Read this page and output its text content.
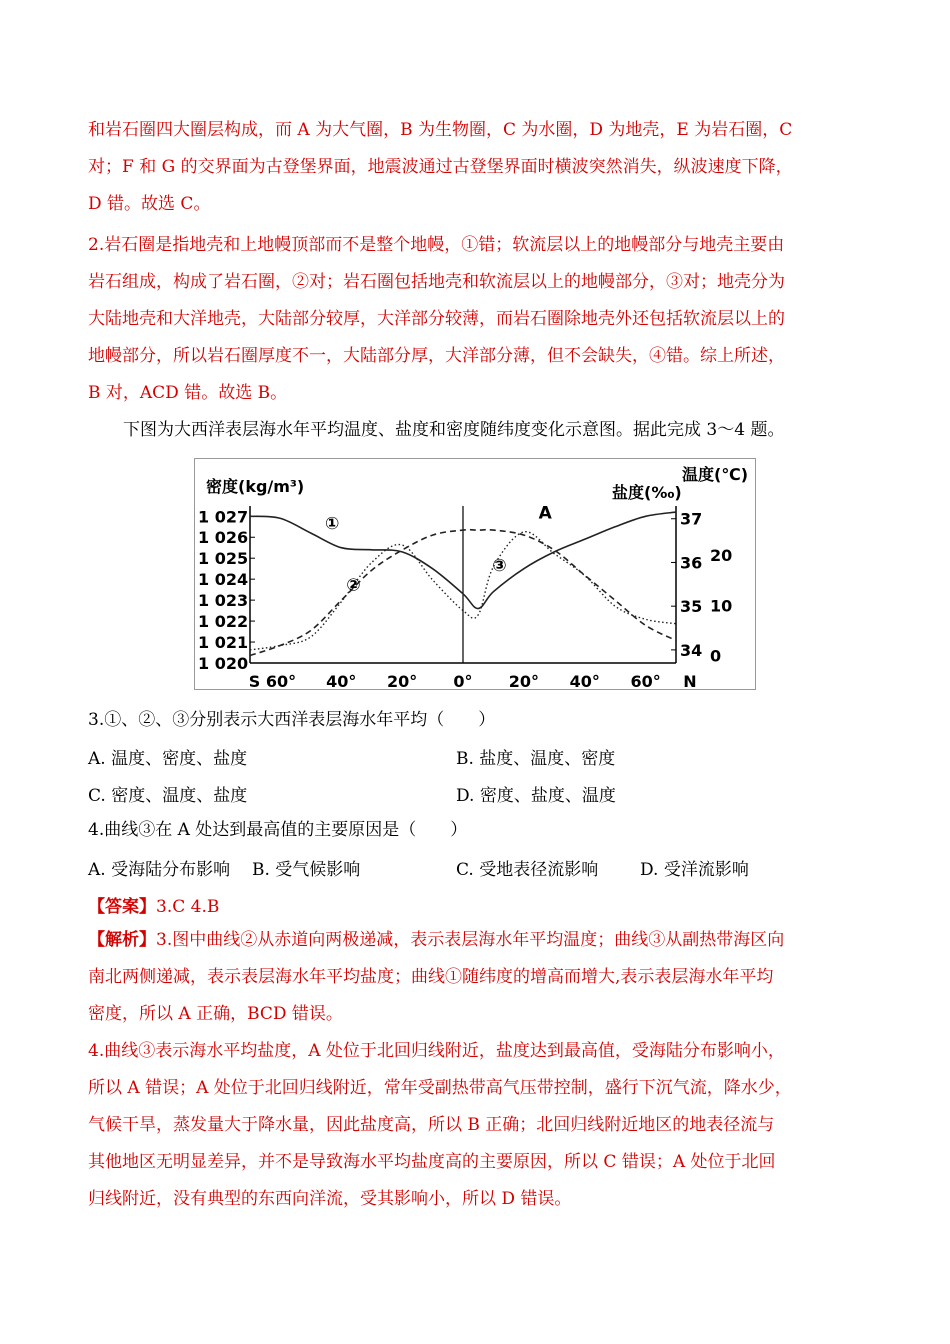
和岩石圈四大圈层构成，而 A 为大气圈，B 为生物圈，C 为水圈，D 为地壳，E 为岩石圈，C
对；F 和 G 的交界面为古登堡界面，地震波通过古登堡界面时横波突然消失，纵波速度下降，
D 错。故选 C。
2.岩石圈是指地壳和上地幔顶部而不是整个地幔，①错；软流层以上的地幔部分与地壳主要由
岩石组成，构成了岩石圈，②对；岩石圈包括地壳和软流层以上的地幔部分，③对；地壳分为
大陆地壳和大洋地壳，大陆部分较厚，大洋部分较薄，而岩石圈除地壳外还包括软流层以上的
地幔部分，所以岩石圈厚度不一，大陆部分厚，大洋部分薄，但不会缺失，④错。综上所述，
B 对，ACD 错。故选 B。
下图为大西洋表层海水年平均温度、盐度和密度随纬度变化示意图。据此完成 3～4 题。
密度(kg/m³)	盐度(‰)
温度(℃)
1 027
1 026
1 025
1 024
1 023
1 022
1 021
1 020
37
36
35
34
20
10
0
S 60° 40° 20° 0° 20° 40° 60° N
①
②
③
A
3.①、②、③分别表示大西洋表层海水年平均（　　）
A. 温度、密度、盐度	B. 盐度、温度、密度
C. 密度、温度、盐度	D. 密度、盐度、温度
4.曲线③在 A 处达到最高值的主要原因是（　　）
A. 受海陆分布影响 B. 受气候影响	C. 受地表径流影响 D. 受洋流影响
【答案】3.C 4.B
【解析】3.图中曲线②从赤道向两极递减，表示表层海水年平均温度；曲线③从副热带海区向
南北两侧递减，表示表层海水年平均盐度；曲线①随纬度的增高而增大,表示表层海水年平均
密度，所以 A 正确，BCD 错误。
4.曲线③表示海水平均盐度，A 处位于北回归线附近，盐度达到最高值，受海陆分布影响小，
所以 A 错误；A 处位于北回归线附近，常年受副热带高气压带控制，盛行下沉气流，降水少，
气候干旱，蒸发量大于降水量，因此盐度高，所以 B 正确；北回归线附近地区的地表径流与
其他地区无明显差异，并不是导致海水平均盐度高的主要原因，所以 C 错误；A 处位于北回
归线附近，没有典型的东西向洋流，受其影响小，所以 D 错误。
